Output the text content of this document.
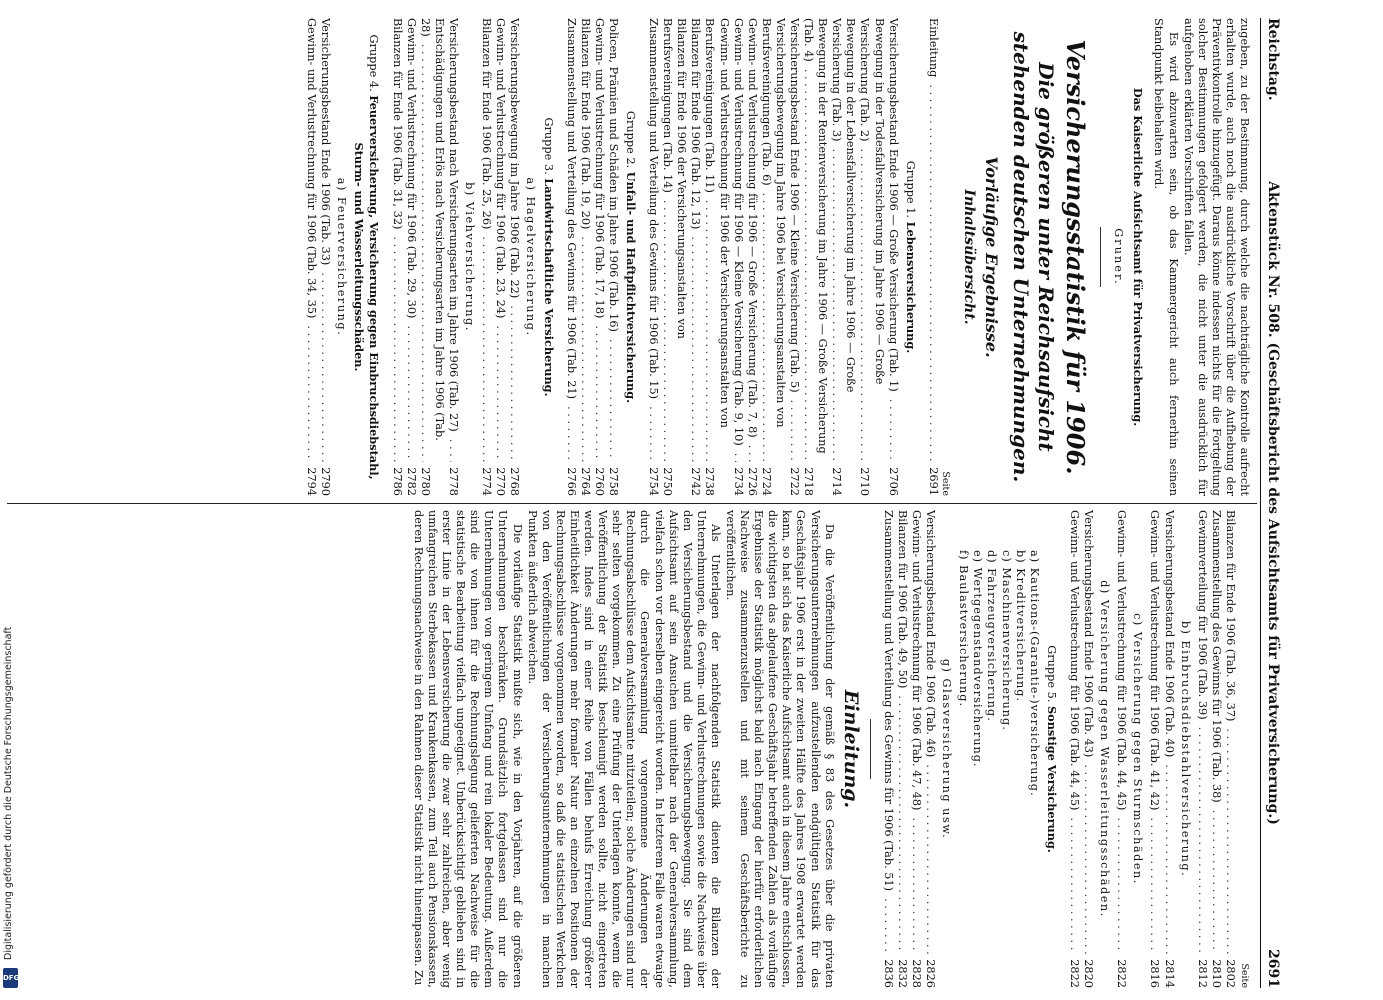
Reichstag.
Aktenstück Nr. 508. (Geschäftsbericht des Aufsichtsamts für Privatversicherung.)
2691

zugeben, zu der Bestimmung, durch welche die nachträgliche Kontrolle aufrecht erhalten wurde, auch noch die ausdrückliche Vorschrift über die Aufhebung der Präventivkontrolle hinzugefügt. Daraus könne indessen nichts für die Fortgeltung solcher Bestimmungen gefolgert werden, die nicht unter die ausdrücklich für aufgehoben erklärten Vorschriften fallen.

Es wird abzuwarten sein, ob das Kammergericht auch fernerhin seinen Standpunkt beibehalten wird.

Das Kaiserliche Aufsichtsamt für Privatversicherung.
Gruner.
Versicherungsstatistik für 1906.
Die größeren unter Reichsaufsicht stehenden deutschen Unternehmungen.
Vorläufige Ergebnisse.
Inhaltsübersicht.
Seite
Einleitung . . .
2691
Gruppe 1. Lebensversicherung.
Versicherungsbestand Ende 1906 — Große Versicherung (Tab. 1) . . .
2706
Bewegung in der Todesfallversicherung im Jahre 1906 — Große Versicherung (Tab. 2) . . .
2710
Bewegung in der Lebensfallversicherung im Jahre 1906 — Große Versicherung (Tab. 3) . . .
2714
Bewegung in der Rentenversicherung im Jahre 1906 — Große Versicherung (Tab. 4) . . .
2718
Versicherungsbestand Ende 1906 — Kleine Versicherung (Tab. 5) . . .
2722
Versicherungsbewegung im Jahre 1906 bei Versicherungsanstalten von Berufsvereinigungen (Tab. 6) . . .
2724
Gewinn- und Verlustrechnung für 1906 — Große Versicherung (Tab. 7, 8) . . .
2726
Gewinn- und Verlustrechnung für 1906 — Kleine Versicherung (Tab. 9, 10) . . .
2734
Gewinn- und Verlustrechnung für 1906 der Versicherungsanstalten von Berufsvereinigungen (Tab. 11) . . .
2738
Bilanzen für Ende 1906 (Tab. 12, 13) . . .
2742
Bilanzen für Ende 1906 der Versicherungsanstalten von Berufsvereinigungen (Tab. 14) . . .
2750
Zusammenstellung und Verteilung des Gewinns für 1906 (Tab. 15) . . .
2754
Gruppe 2. Unfall- und Haftpflichtversicherung.
Policen, Prämien und Schäden im Jahre 1906 (Tab. 16) . . .
2758
Gewinn- und Verlustrechnung für 1906 (Tab. 17, 18) . . .
2760
Bilanzen für Ende 1906 (Tab. 19, 20) . . .
2764
Zusammenstellung und Verteilung des Gewinns für 1906 (Tab. 21) . . .
2766
Gruppe 3. Landwirtschaftliche Versicherung.
a) Hagelversicherung.
Versicherungsbewegung im Jahre 1906 (Tab. 22) . . .
2768
Gewinn- und Verlustrechnung für 1906 (Tab. 23, 24) . . .
2770
Bilanzen für Ende 1906 (Tab. 25, 26) . . .
2774
b) Viehversicherung.
Versicherungsbestand nach Versicherungsarten im Jahre 1906 (Tab. 27) . . .
2778
Entschädigungen und Erlös nach Versicherungsarten im Jahre 1906 (Tab. 28) . . .
2780
Gewinn- und Verlustrechnung für 1906 (Tab. 29, 30) . . .
2782
Bilanzen für Ende 1906 (Tab. 31, 32) . . .
2786
Gruppe 4. Feuerversicherung, Versicherung gegen Einbruchsdiebstahl, Sturm- und Wasserleitungsschäden.
a) Feuerversicherung.
Versicherungsbestand Ende 1906 (Tab. 33) . . .
2790
Gewinn- und Verlustrechnung für 1906 (Tab. 34, 35) . . .
2794
Seite
Bilanzen für Ende 1906 (Tab. 36, 37) . . .
2802
Zusammenstellung des Gewinns für 1906 (Tab. 38) . . .
2810
Gewinnverteilung für 1906 (Tab. 39) . . .
2812
b) Einbruchsdiebstahlversicherung.
Versicherungsbestand Ende 1906 (Tab. 40) . . .
2814
Gewinn- und Verlustrechnung für 1906 (Tab. 41, 42) . . .
2816
c) Versicherung gegen Sturmschäden.
Gewinn- und Verlustrechnung für 1906 (Tab. 44, 45) . . .
2822
d) Versicherung gegen Wasserleitungsschäden.
Versicherungsbestand Ende 1906 (Tab. 43) . . .
2820
Gewinn- und Verlustrechnung für 1906 (Tab. 44, 45) . . .
2822
Gruppe 5. Sonstige Versicherung.
a) Kautions-(Garantie-)versicherung.
b) Kreditversicherung.
c) Maschinenversicherung.
d) Fahrzeugversicherung.
e) Wertgegenstandversicherung.
f) Baulastversicherung.
g) Glasversicherung usw.
Versicherungsbestand Ende 1906 (Tab. 46) . . .
2826
Gewinn- und Verlustrechnung für 1906 (Tab. 47, 48) . . .
2828
Bilanzen für 1906 (Tab. 49, 50) . . .
2832
Zusammenstellung und Verteilung des Gewinns für 1906 (Tab. 51) . . .
2836
Einleitung.

Da die Veröffentlichung der gemäß § 83 des Gesetzes über die privaten Versicherungsunternehmungen aufzustellenden endgültigen Statistik für das Geschäftsjahr 1906 erst in der zweiten Hälfte des Jahres 1908 erwartet werden kann, so hat sich das Kaiserliche Aufsichtsamt auch in diesem Jahre entschlossen, die wichtigsten das abgelaufene Geschäftsjahr betreffenden Zahlen als vorläufige Ergebnisse der Statistik möglichst bald nach Eingang der hierfür erforderlichen Nachweise zusammenzustellen und mit seinem Geschäftsberichte zu veröffentlichen.

Als Unterlagen der nachfolgenden Statistik dienten die Bilanzen der Unternehmungen, die Gewinn- und Verlustrechnungen sowie die Nachweise über den Versicherungsbestand und die Versicherungsbewegung. Sie sind dem Aufsichtsamt auf sein Ansuchen unmittelbar nach der Generalversammlung, vielfach schon vor derselben eingereicht worden. In letzterem Falle waren etwaige durch die Generalversammlung vorgenommene Änderungen der Rechnungsabschlüsse dem Aufsichtsamte mitzuteilen; solche Änderungen sind nur sehr selten vorgekommen. Zu eine Prüfung der Unterlagen konnte, wenn die Veröffentlichung der Statistik beschleunigt werden sollte, nicht eingetreten werden. Indes sind in einer Reihe von Fällen behufs Erreichung größerer Einheitlichkeit Änderungen mehr formaler Natur an einzelnen Positionen der Rechnungsabschlüsse vorgenommen worden, so daß die statistischen Werkchen von den Veröffentlichungen der Versicherungsunternehmungen in manchen Punkten äußerlich abweichen.

Die vorläufige Statistik mußte sich, wie in den Vorjahren, auf die größeren Unternehmungen beschränken. Grundsätzlich fortgelassen sind nur die Unternehmungen von geringem Umfang und rein lokaler Bedeutung. Außerdem sind die von ihnen für die Rechnungslegung gelieferten Nachweise für die statistische Bearbeitung vielfach ungeeignet. Unberücksichtigt geblieben sind in erster Linie in der Lebensversicherung die zwar sehr zahlreichen, aber wenig umfangreichen Sterbekassen und Krankenkassen, zum Teil auch Pensionskassen, deren Rechnungsnachweise in den Rahmen dieser Statistik nicht hineinpassen. Zu

Digitalisierung gefördert durch die Deutsche Forschungsgemeinschaft
DFG
